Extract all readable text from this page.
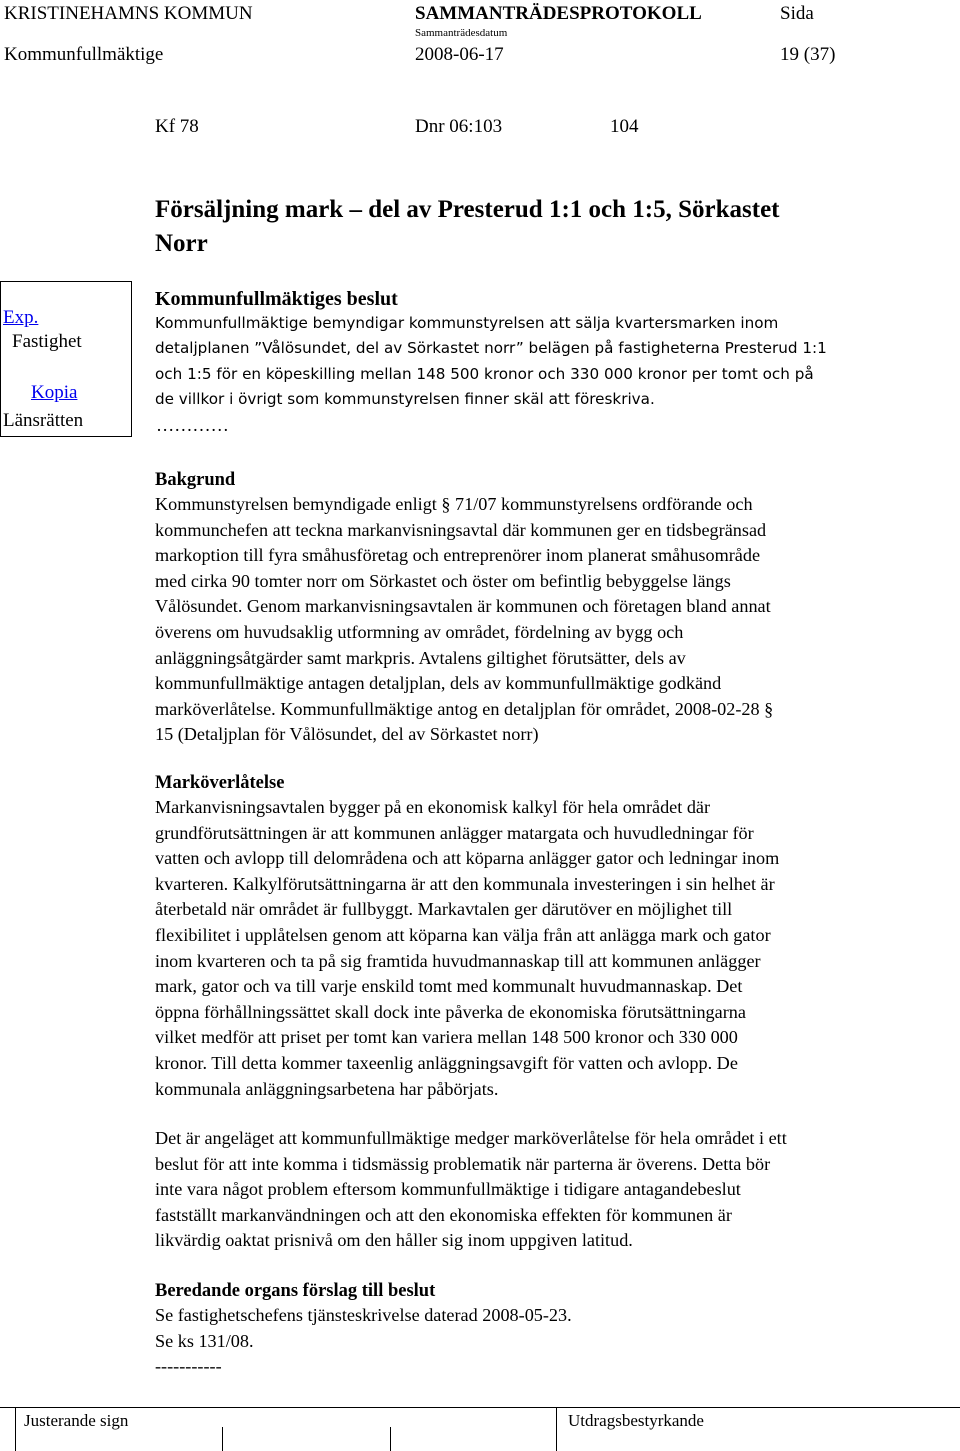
KRISTINEHAMNS KOMMUN	SAMMANTRÄDESPROTOKOLL	Sida
Sammanträdesdatum
Kommunfullmäktige	2008-06-17	19 (37)
Kf 78	Dnr 06:103	104
Försäljning mark – del av Presterud 1:1 och 1:5, Sörkastet
Norr
Exp.
Fastighet
Kopia
Länsrätten
Kommunfullmäktiges beslut
Kommunfullmäktige bemyndigar kommunstyrelsen att sälja kvartersmarken inom
detaljplanen ”Vålösundet, del av Sörkastet norr” belägen på fastigheterna Presterud 1:1
och 1:5 för en köpeskilling mellan 148 500 kronor och 330 000 kronor per tomt och på
de villkor i övrigt som kommunstyrelsen finner skäl att föreskriva.
…………
Bakgrund
Kommunstyrelsen bemyndigade enligt § 71/07 kommunstyrelsens ordförande och
kommunchefen att teckna markanvisningsavtal där kommunen ger en tidsbegränsad
markoption till fyra småhusföretag och entreprenörer inom planerat småhusområde
med cirka 90 tomter norr om Sörkastet och öster om befintlig bebyggelse längs
Vålösundet. Genom markanvisningsavtalen är kommunen och företagen bland annat
överens om huvudsaklig utformning av området, fördelning av bygg och
anläggningsåtgärder samt markpris. Avtalens giltighet förutsätter, dels av
kommunfullmäktige antagen detaljplan, dels av kommunfullmäktige godkänd
marköverlåtelse. Kommunfullmäktige antog en detaljplan för området, 2008-02-28 §
15 (Detaljplan för Vålösundet, del av Sörkastet norr)
Marköverlåtelse
Markanvisningsavtalen bygger på en ekonomisk kalkyl för hela området där
grundförutsättningen är att kommunen anlägger matargata och huvudledningar för
vatten och avlopp till delområdena och att köparna anlägger gator och ledningar inom
kvarteren. Kalkylförutsättningarna är att den kommunala investeringen i sin helhet är
återbetald när området är fullbyggt. Markavtalen ger därutöver en möjlighet till
flexibilitet i upplåtelsen genom att köparna kan välja från att anlägga mark och gator
inom kvarteren och ta på sig framtida huvudmannaskap till att kommunen anlägger
mark, gator och va till varje enskild tomt med kommunalt huvudmannaskap. Det
öppna förhållningssättet skall dock inte påverka de ekonomiska förutsättningarna
vilket medför att priset per tomt kan variera mellan 148 500 kronor och 330 000
kronor. Till detta kommer taxeenlig anläggningsavgift för vatten och avlopp. De
kommunala anläggningsarbetena har påbörjats.
Det är angeläget att kommunfullmäktige medger marköverlåtelse för hela området i ett
beslut för att inte komma i tidsmässig problematik när parterna är överens. Detta bör
inte vara något problem eftersom kommunfullmäktige i tidigare antagandebeslut
fastställt markanvändningen och att den ekonomiska effekten för kommunen är
likvärdig oaktat prisnivå om den håller sig inom uppgiven latitud.
Beredande organs förslag till beslut
Se fastighetschefens tjänsteskrivelse daterad 2008-05-23.
Se ks 131/08.
-----------
Justerande sign	Utdragsbestyrkande
